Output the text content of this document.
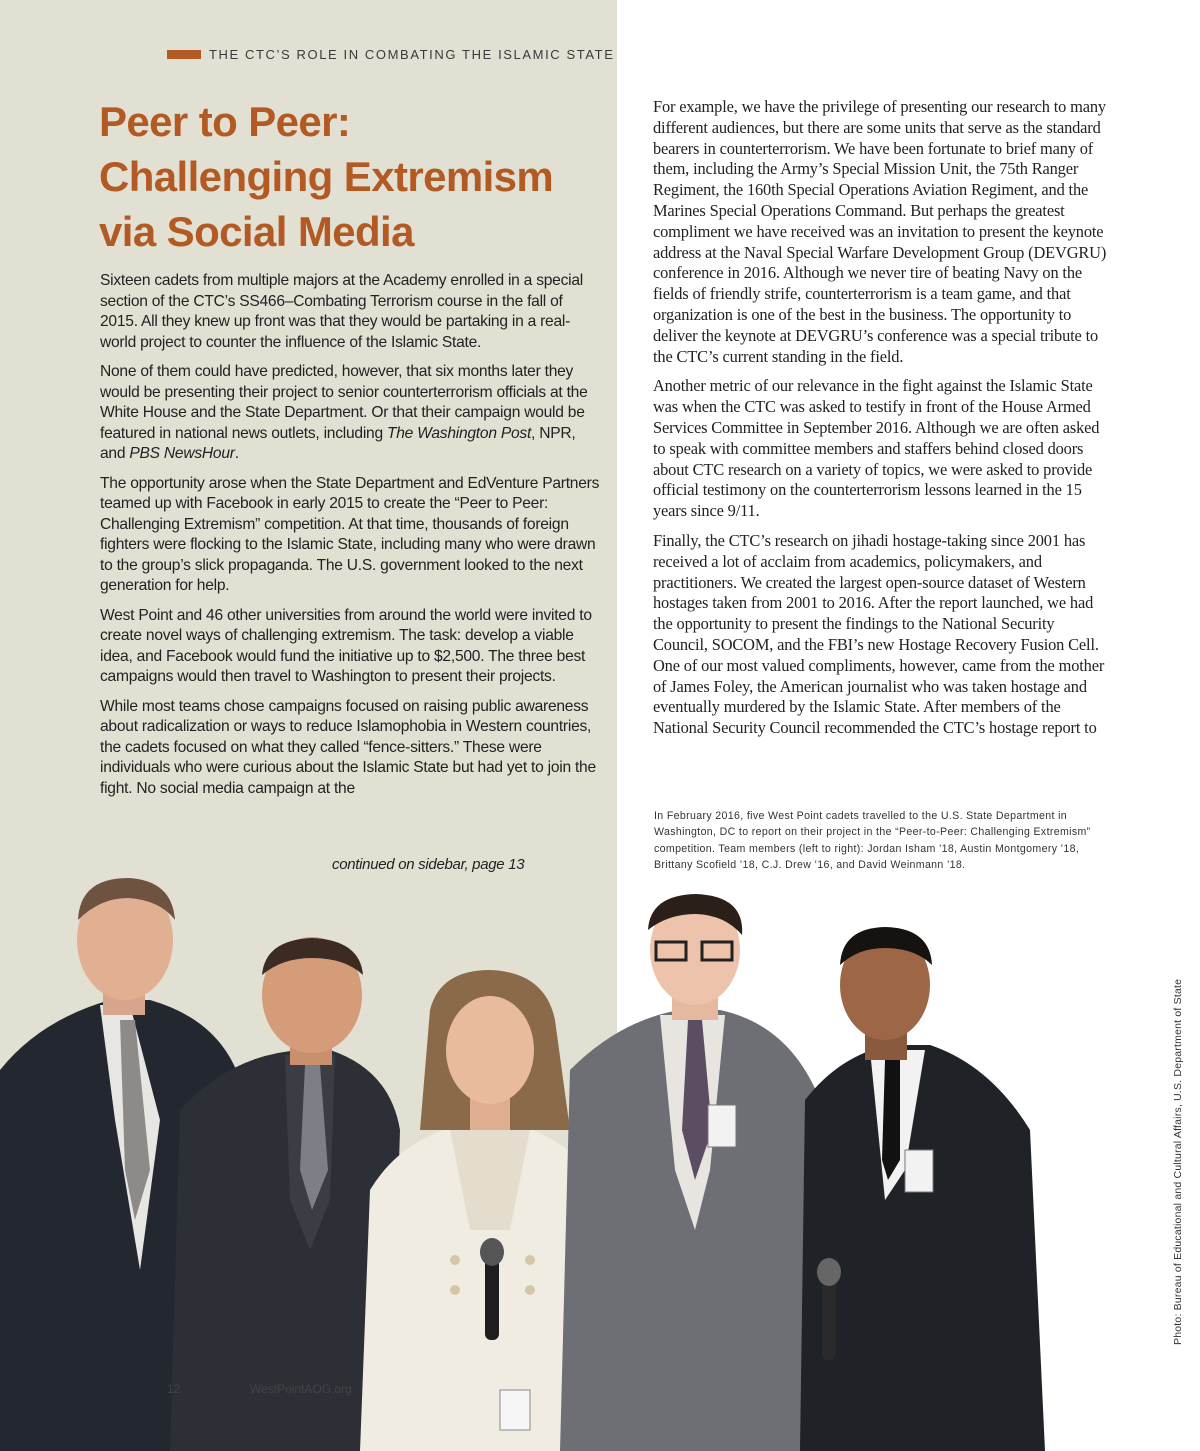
THE CTC’S ROLE IN COMBATING THE ISLAMIC STATE
Peer to Peer:
Challenging Extremism
via Social Media

Sixteen cadets from multiple majors at the Academy enrolled in a special section of the CTC’s SS466–Combating Terrorism course in the fall of 2015. All they knew up front was that they would be partaking in a real-world project to counter the influence of the Islamic State.

None of them could have predicted, however, that six months later they would be presenting their project to senior counterterrorism officials at the White House and the State Department. Or that their campaign would be featured in national news outlets, including The Washington Post, NPR, and PBS NewsHour.

The opportunity arose when the State Department and EdVenture Partners teamed up with Facebook in early 2015 to create the “Peer to Peer: Challenging Extremism” competition. At that time, thousands of foreign fighters were flocking to the Islamic State, including many who were drawn to the group’s slick propaganda. The U.S. government looked to the next generation for help.

West Point and 46 other universities from around the world were invited to create novel ways of challenging extremism. The task: develop a viable idea, and Facebook would fund the initiative up to $2,500. The three best campaigns would then travel to Washington to present their projects.

While most teams chose campaigns focused on raising public awareness about radicalization or ways to reduce Islamophobia in Western countries, the cadets focused on what they called “fence-sitters.” These were individuals who were curious about the Islamic State but had yet to join the fight. No social media campaign at the

continued on sidebar, page 13

For example, we have the privilege of presenting our research to many different audiences, but there are some units that serve as the standard bearers in counterterrorism. We have been fortunate to brief many of them, including the Army’s Special Mission Unit, the 75th Ranger Regiment, the 160th Special Operations Aviation Regiment, and the Marines Special Operations Command. But perhaps the greatest compliment we have received was an invitation to present the keynote address at the Naval Special Warfare Development Group (DEVGRU) conference in 2016. Although we never tire of beating Navy on the fields of friendly strife, counterterrorism is a team game, and that organization is one of the best in the business. The opportunity to deliver the keynote at DEVGRU’s conference was a special tribute to the CTC’s current standing in the field.

Another metric of our relevance in the fight against the Islamic State was when the CTC was asked to testify in front of the House Armed Services Committee in September 2016. Although we are often asked to speak with committee members and staffers behind closed doors about CTC research on a variety of topics, we were asked to provide official testimony on the counterterrorism lessons learned in the 15 years since 9/11.

Finally, the CTC’s research on jihadi hostage-taking since 2001 has received a lot of acclaim from academics, policymakers, and practitioners. We created the largest open-source dataset of Western hostages taken from 2001 to 2016. After the report launched, we had the opportunity to present the findings to the National Security Council, SOCOM, and the FBI’s new Hostage Recovery Fusion Cell. One of our most valued compliments, however, came from the mother of James Foley, the American journalist who was taken hostage and eventually murdered by the Islamic State. After members of the National Security Council recommended the CTC’s hostage report to

In February 2016, five West Point cadets travelled to the U.S. State Department in Washington, DC to report on their project in the “Peer-to-Peer: Challenging Extremism” competition. Team members (left to right): Jordan Isham ’18, Austin Montgomery ’18, Brittany Scofield ’18, C.J. Drew ’16, and David Weinmann ’18.
Photo: Bureau of Educational and Cultural Affairs, U.S. Department of State
12	WestPointAOG.org
